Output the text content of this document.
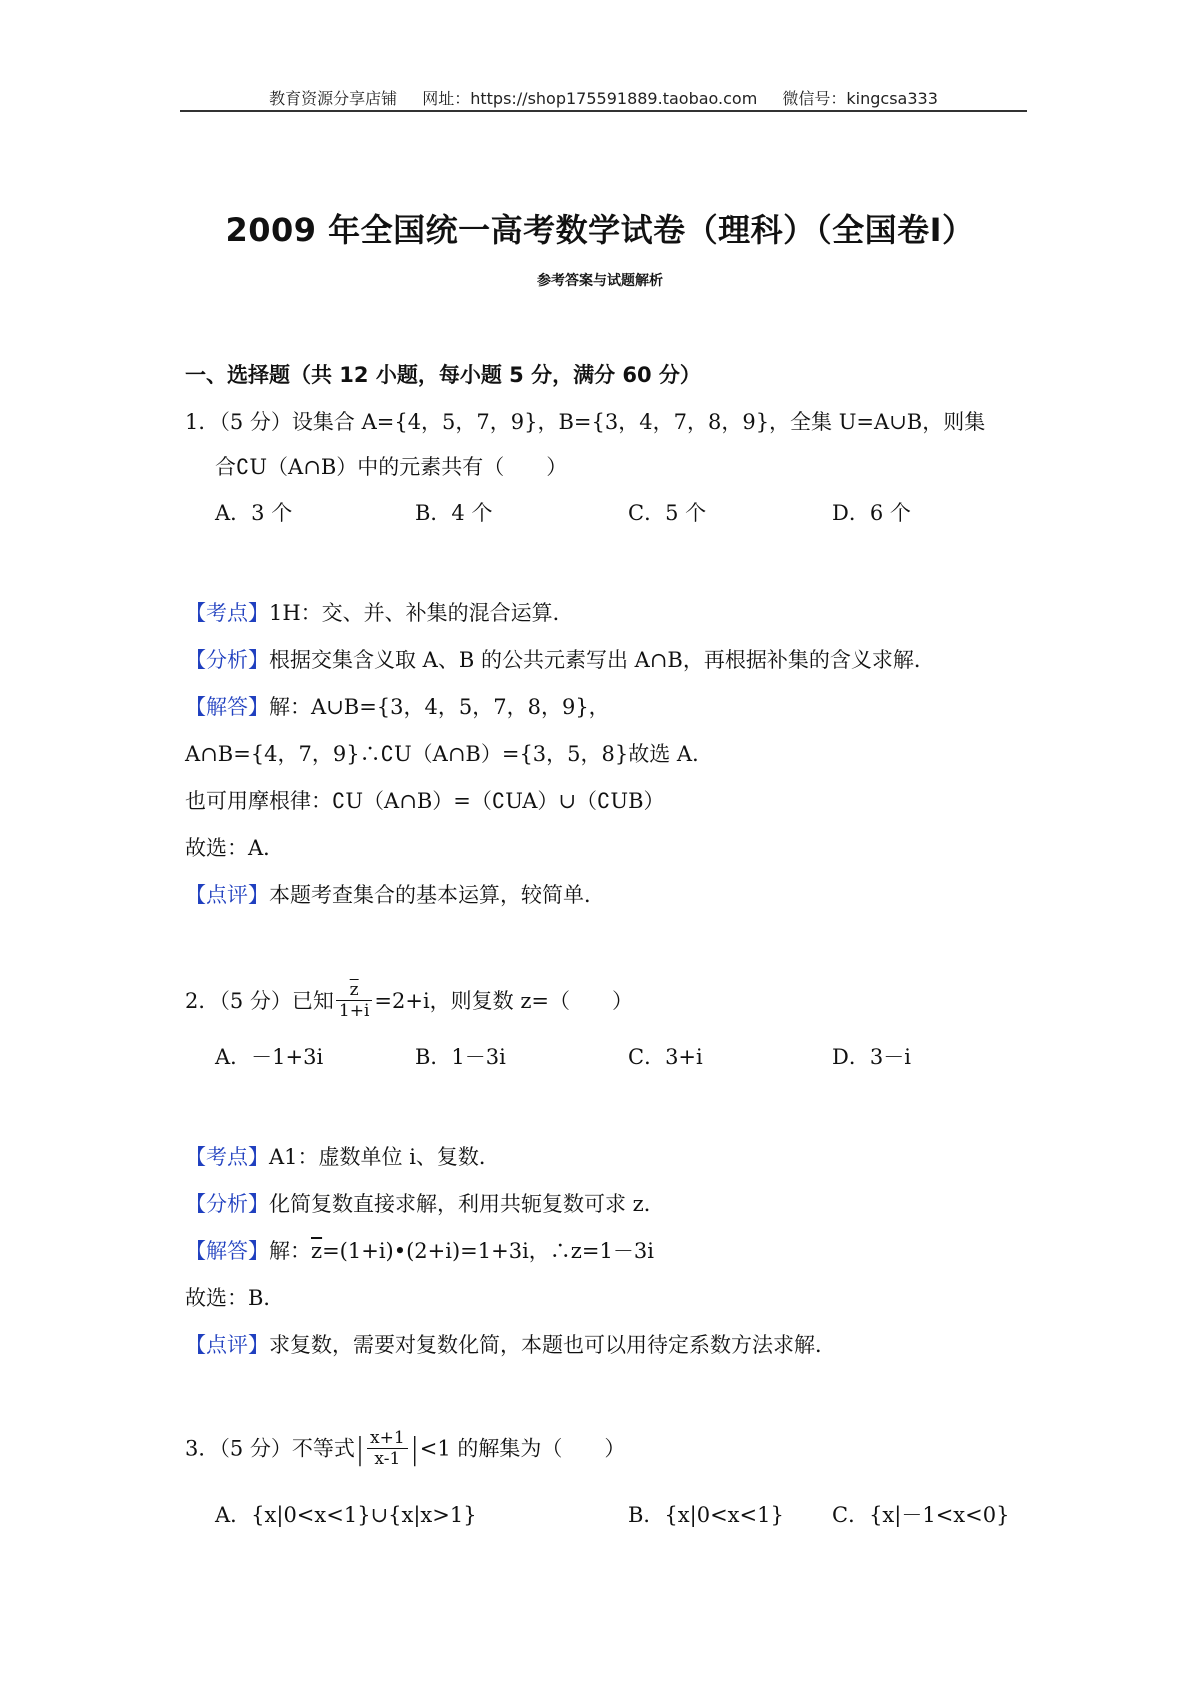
教育资源分享店铺 网址：https://shop175591889.taobao.com 微信号：kingcsa333
2009 年全国统一高考数学试卷（理科）（全国卷Ⅰ）
参考答案与试题解析
一、选择题（共 12 小题，每小题 5 分，满分 60 分）
1．（5 分）设集合 A={4，5，7，9}，B={3，4，7，8，9}，全集 U=A∪B，则集
合∁U（A∩B）中的元素共有（　　）
A．3 个	B．4 个	C．5 个	D．6 个
【考点】1H：交、并、补集的混合运算．
【分析】根据交集含义取 A、B 的公共元素写出 A∩B，再根据补集的含义求解．
【解答】解：A∪B={3，4，5，7，8，9}，
A∩B={4，7，9}∴∁U（A∩B）={3，5，8}故选 A．
也可用摩根律：∁U（A∩B）=（∁UA）∪（∁UB）
故选：A．
【点评】本题考查集合的基本运算，较简单．
2．（5 分）已知 $\frac{\overline{z}}{1+i} =2+i$，则复数 z=（　　）
A．－1+3i	B．1－3i	C．3+i	D．3－i
【考点】A1：虚数单位 i、复数．
【分析】化简复数直接求解，利用共轭复数可求 z．
【解答】解：$\overline{z}=(1+i)•(2+i)=1+3i$，∴z=1－3i
故选：B．
【点评】求复数，需要对复数化简，本题也可以用待定系数方法求解．
3．（5 分）不等式| $\frac{x+1}{x-1} |<1$ 的解集为（　　）
A．{x|0<x<1}∪{x|x>1}	B．{x|0<x<1} C．{x|－1<x<0}
